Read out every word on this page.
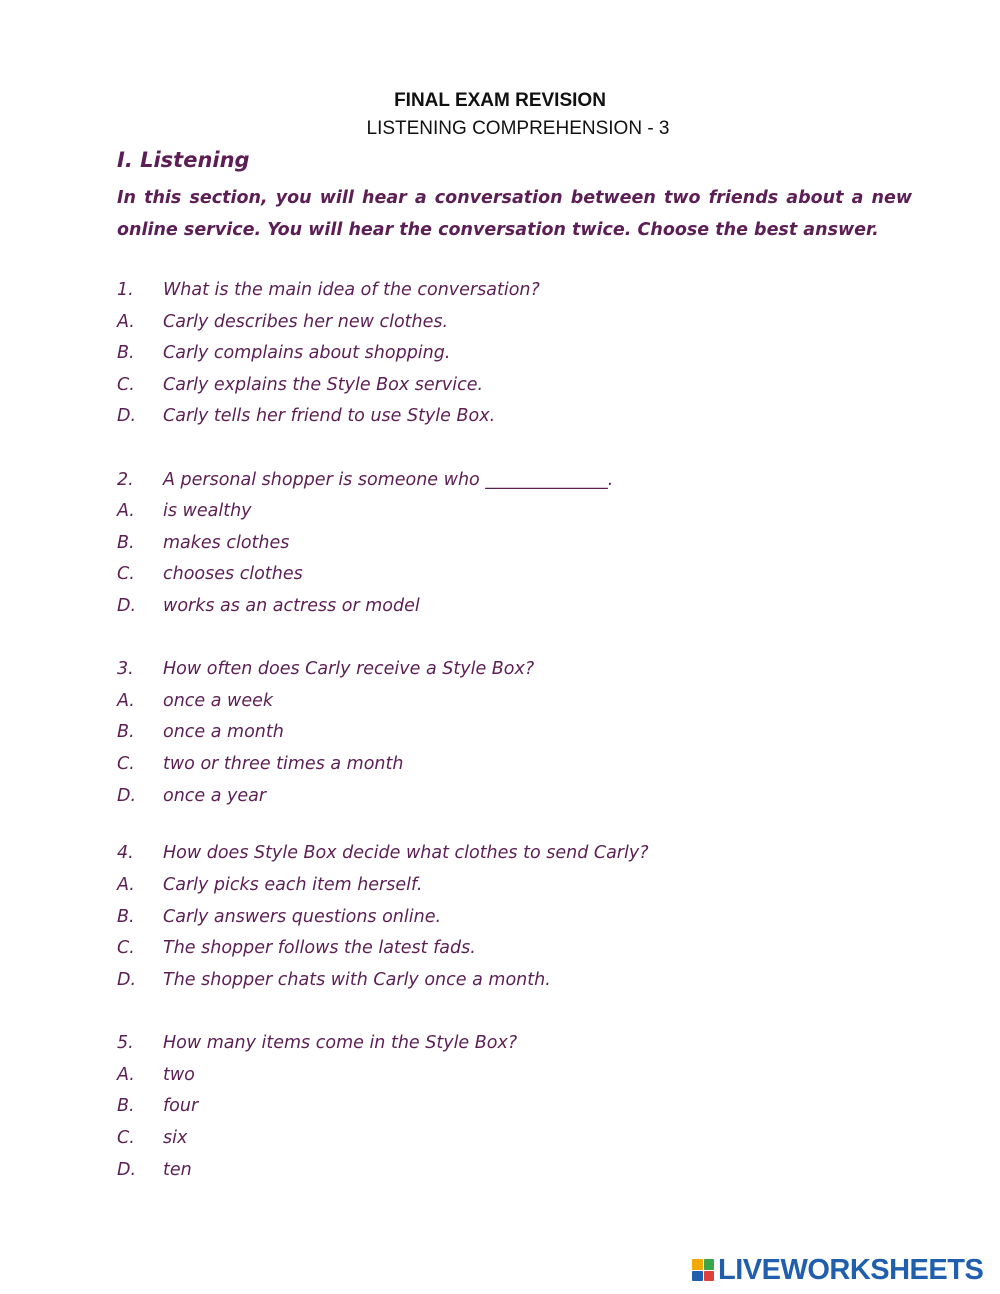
FINAL EXAM REVISION
LISTENING COMPREHENSION - 3
I. Listening
In this section, you will hear a conversation between two friends about a new online service. You will hear the conversation twice. Choose the best answer.
1. What is the main idea of the conversation?
A. Carly describes her new clothes.
B. Carly complains about shopping.
C. Carly explains the Style Box service.
D. Carly tells her friend to use Style Box.
2. A personal shopper is someone who ______________.
A. is wealthy
B. makes clothes
C. chooses clothes
D. works as an actress or model
3. How often does Carly receive a Style Box?
A. once a week
B. once a month
C. two or three times a month
D. once a year
4. How does Style Box decide what clothes to send Carly?
A. Carly picks each item herself.
B. Carly answers questions online.
C. The shopper follows the latest fads.
D. The shopper chats with Carly once a month.
5. How many items come in the Style Box?
A. two
B. four
C. six
D. ten
LIVEWORKSHEETS
